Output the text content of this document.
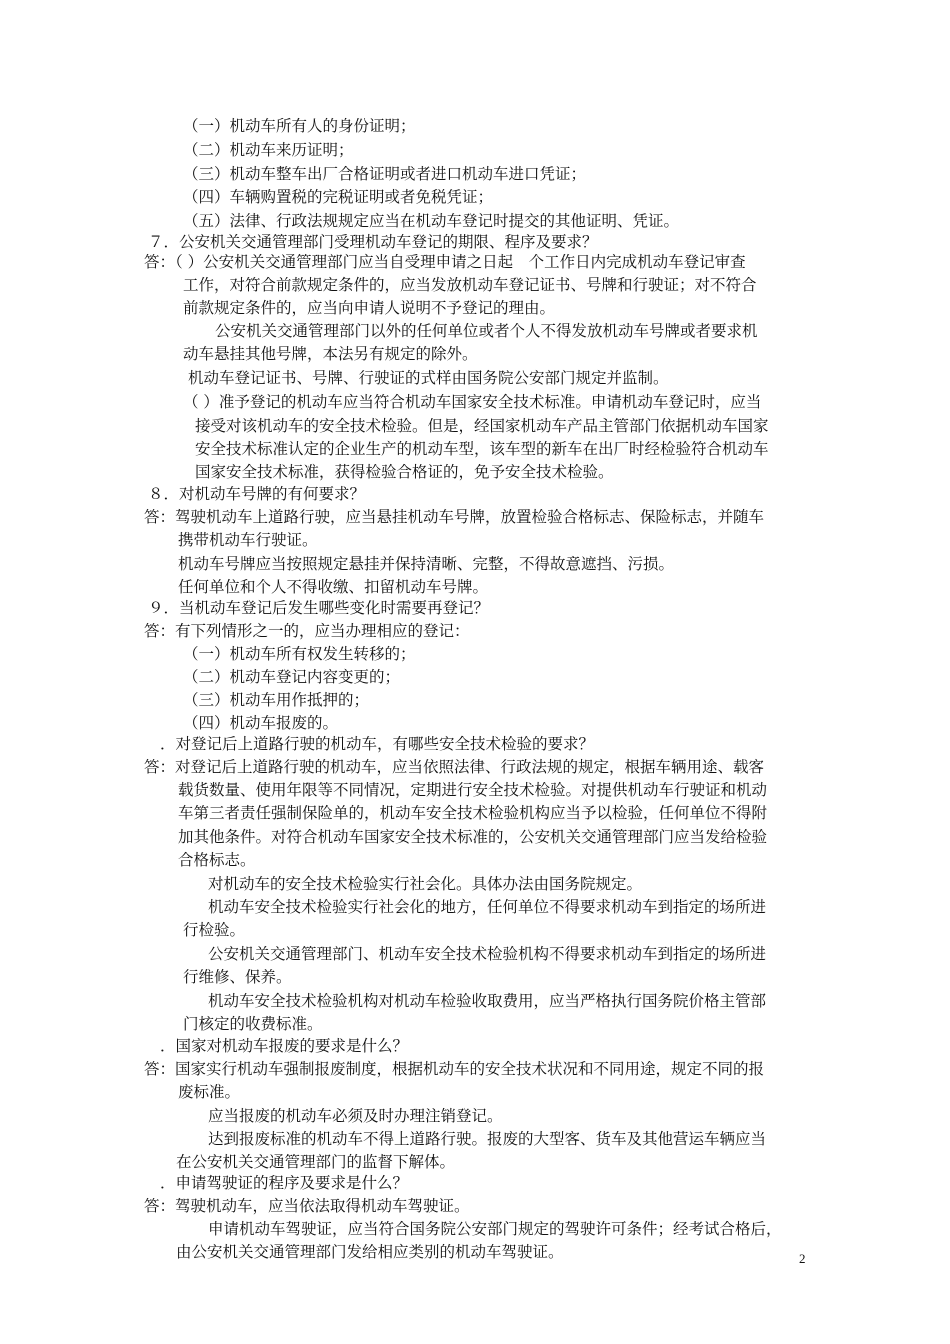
（一）机动车所有人的身份证明；
（二）机动车来历证明；
（三）机动车整车出厂合格证明或者进口机动车进口凭证；
（四）车辆购置税的完税证明或者免税凭证；
（五）法律、行政法规规定应当在机动车登记时提交的其他证明、凭证。
７．公安机关交通管理部门受理机动车登记的期限、程序及要求？
答：（ ）公安机关交通管理部门应当自受理申请之日起　个工作日内完成机动车登记审查
工作，对符合前款规定条件的，应当发放机动车登记证书、号牌和行驶证；对不符合
前款规定条件的，应当向申请人说明不予登记的理由。
公安机关交通管理部门以外的任何单位或者个人不得发放机动车号牌或者要求机
动车悬挂其他号牌，本法另有规定的除外。
机动车登记证书、号牌、行驶证的式样由国务院公安部门规定并监制。
（ ）准予登记的机动车应当符合机动车国家安全技术标准。申请机动车登记时，应当
接受对该机动车的安全技术检验。但是，经国家机动车产品主管部门依据机动车国家
安全技术标准认定的企业生产的机动车型，该车型的新车在出厂时经检验符合机动车
国家安全技术标准，获得检验合格证的，免予安全技术检验。
８．对机动车号牌的有何要求？
答：驾驶机动车上道路行驶，应当悬挂机动车号牌，放置检验合格标志、保险标志，并随车
携带机动车行驶证。
机动车号牌应当按照规定悬挂并保持清晰、完整，不得故意遮挡、污损。
任何单位和个人不得收缴、扣留机动车号牌。
９．当机动车登记后发生哪些变化时需要再登记？
答：有下列情形之一的，应当办理相应的登记：
（一）机动车所有权发生转移的；
（二）机动车登记内容变更的；
（三）机动车用作抵押的；
（四）机动车报废的。
．对登记后上道路行驶的机动车，有哪些安全技术检验的要求？
答：对登记后上道路行驶的机动车，应当依照法律、行政法规的规定，根据车辆用途、载客
载货数量、使用年限等不同情况，定期进行安全技术检验。对提供机动车行驶证和机动
车第三者责任强制保险单的，机动车安全技术检验机构应当予以检验，任何单位不得附
加其他条件。对符合机动车国家安全技术标准的，公安机关交通管理部门应当发给检验
合格标志。
对机动车的安全技术检验实行社会化。具体办法由国务院规定。
机动车安全技术检验实行社会化的地方，任何单位不得要求机动车到指定的场所进
行检验。
公安机关交通管理部门、机动车安全技术检验机构不得要求机动车到指定的场所进
行维修、保养。
机动车安全技术检验机构对机动车检验收取费用，应当严格执行国务院价格主管部
门核定的收费标准。
．国家对机动车报废的要求是什么？
答：国家实行机动车强制报废制度，根据机动车的安全技术状况和不同用途，规定不同的报
废标准。
应当报废的机动车必须及时办理注销登记。
达到报废标准的机动车不得上道路行驶。报废的大型客、货车及其他营运车辆应当
在公安机关交通管理部门的监督下解体。
．申请驾驶证的程序及要求是什么？
答：驾驶机动车，应当依法取得机动车驾驶证。
申请机动车驾驶证，应当符合国务院公安部门规定的驾驶许可条件；经考试合格后，
由公安机关交通管理部门发给相应类别的机动车驾驶证。	2
